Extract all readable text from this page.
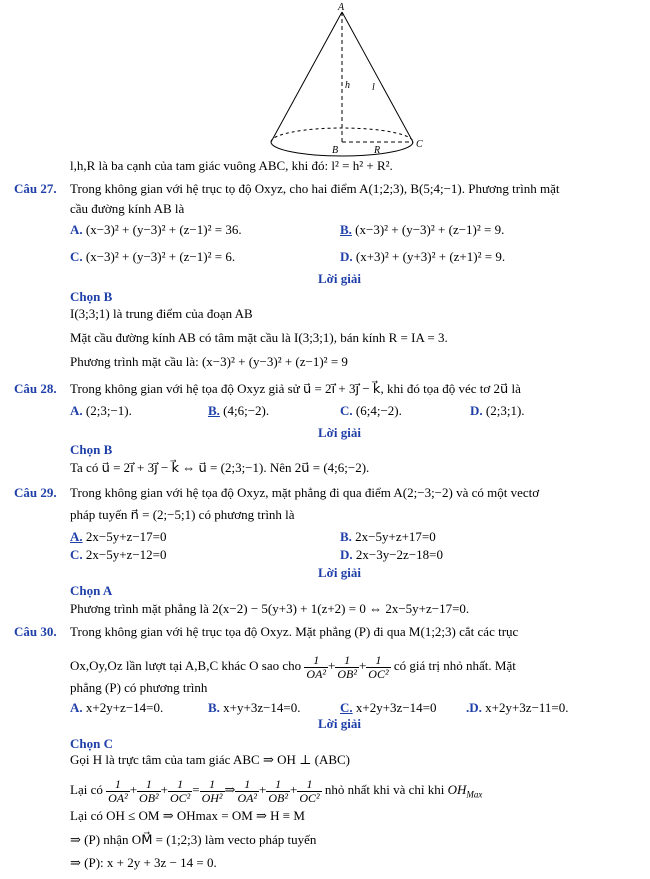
A
h l
B	R
C
l,h,R là ba cạnh của tam giác vuông ABC, khi đó: l² = h² + R².
Câu 27. Trong không gian với hệ trục tọ độ Oxyz, cho hai điểm A(1;2;3), B(5;4;−1). Phương trình mặt
cầu đường kính AB là
A. (x−3)² + (y−3)² + (z−1)² = 36.	B. (x−3)² + (y−3)² + (z−1)² = 9.
C. (x−3)² + (y−3)² + (z−1)² = 6.	D. (x+3)² + (y+3)² + (z+1)² = 9.
Lời giải
Chọn B
I(3;3;1) là trung điểm của đoạn AB
Mặt cầu đường kính AB có tâm mặt cầu là I(3;3;1), bán kính R = IA = 3.
Phương trình mặt cầu là: (x−3)² + (y−3)² + (z−1)² = 9
Câu 28. Trong không gian với hệ tọa độ Oxyz giả sử u⃗ = 2i⃗ + 3j⃗ − k⃗, khi đó tọa độ véc tơ 2u⃗ là
A. (2;3;−1).	B. (4;6;−2).	C. (6;4;−2).	D. (2;3;1).
Lời giải
Chọn B
Ta có u⃗ = 2i⃗ + 3j⃗ − k⃗ ⇔ u⃗ = (2;3;−1). Nên 2u⃗ = (4;6;−2).
Câu 29. Trong không gian với hệ tọa độ Oxyz, mặt phẳng đi qua điểm A(2;−3;−2) và có một vectơ
pháp tuyến n⃗ = (2;−5;1) có phương trình là
A. 2x−5y+z−17=0	B. 2x−5y+z+17=0
C. 2x−5y+z−12=0	D. 2x−3y−2z−18=0
Lời giải
Chọn A
Phương trình mặt phẳng là 2(x−2) − 5(y+3) + 1(z+2) = 0 ⇔ 2x−5y+z−17=0.
Câu 30. Trong không gian với hệ trục tọa độ Oxyz. Mặt phẳng (P) đi qua M(1;2;3) cắt các trục
Ox,Oy,Oz lần lượt tại A,B,C khác O sao cho $\frac{1}{\text{OA²}} + \frac{1}{\text{OB²}} + \frac{1}{\text{OC²}}$ có giá trị nhỏ nhất. Mặt
phẳng (P) có phương trình
A. x+2y+z−14=0.	B. x+y+3z−14=0.	C. x+2y+3z−14=0 .D. x+2y+3z−11=0.
Lời giải
Chọn C
Gọi H là trực tâm của tam giác ABC ⇒ OH ⊥ (ABC)
Lại có $\frac{1}{\text{OA²}} + \frac{1}{\text{OB²}} + \frac{1}{\text{OC²}} = \frac{1}{\text{OH²}}$ ⇒ $\frac{1}{\text{OA²}} + \frac{1}{\text{OB²}} + \frac{1}{\text{OC²}}$ nhỏ nhất khi và chỉ khi $OH_{Max}$
Lại có OH ≤ OM ⇒ OHmax = OM ⇒ H ≡ M
⇒ (P) nhận OM⃗ = (1;2;3) làm vecto pháp tuyến
⇒ (P): x + 2y + 3z − 14 = 0.
